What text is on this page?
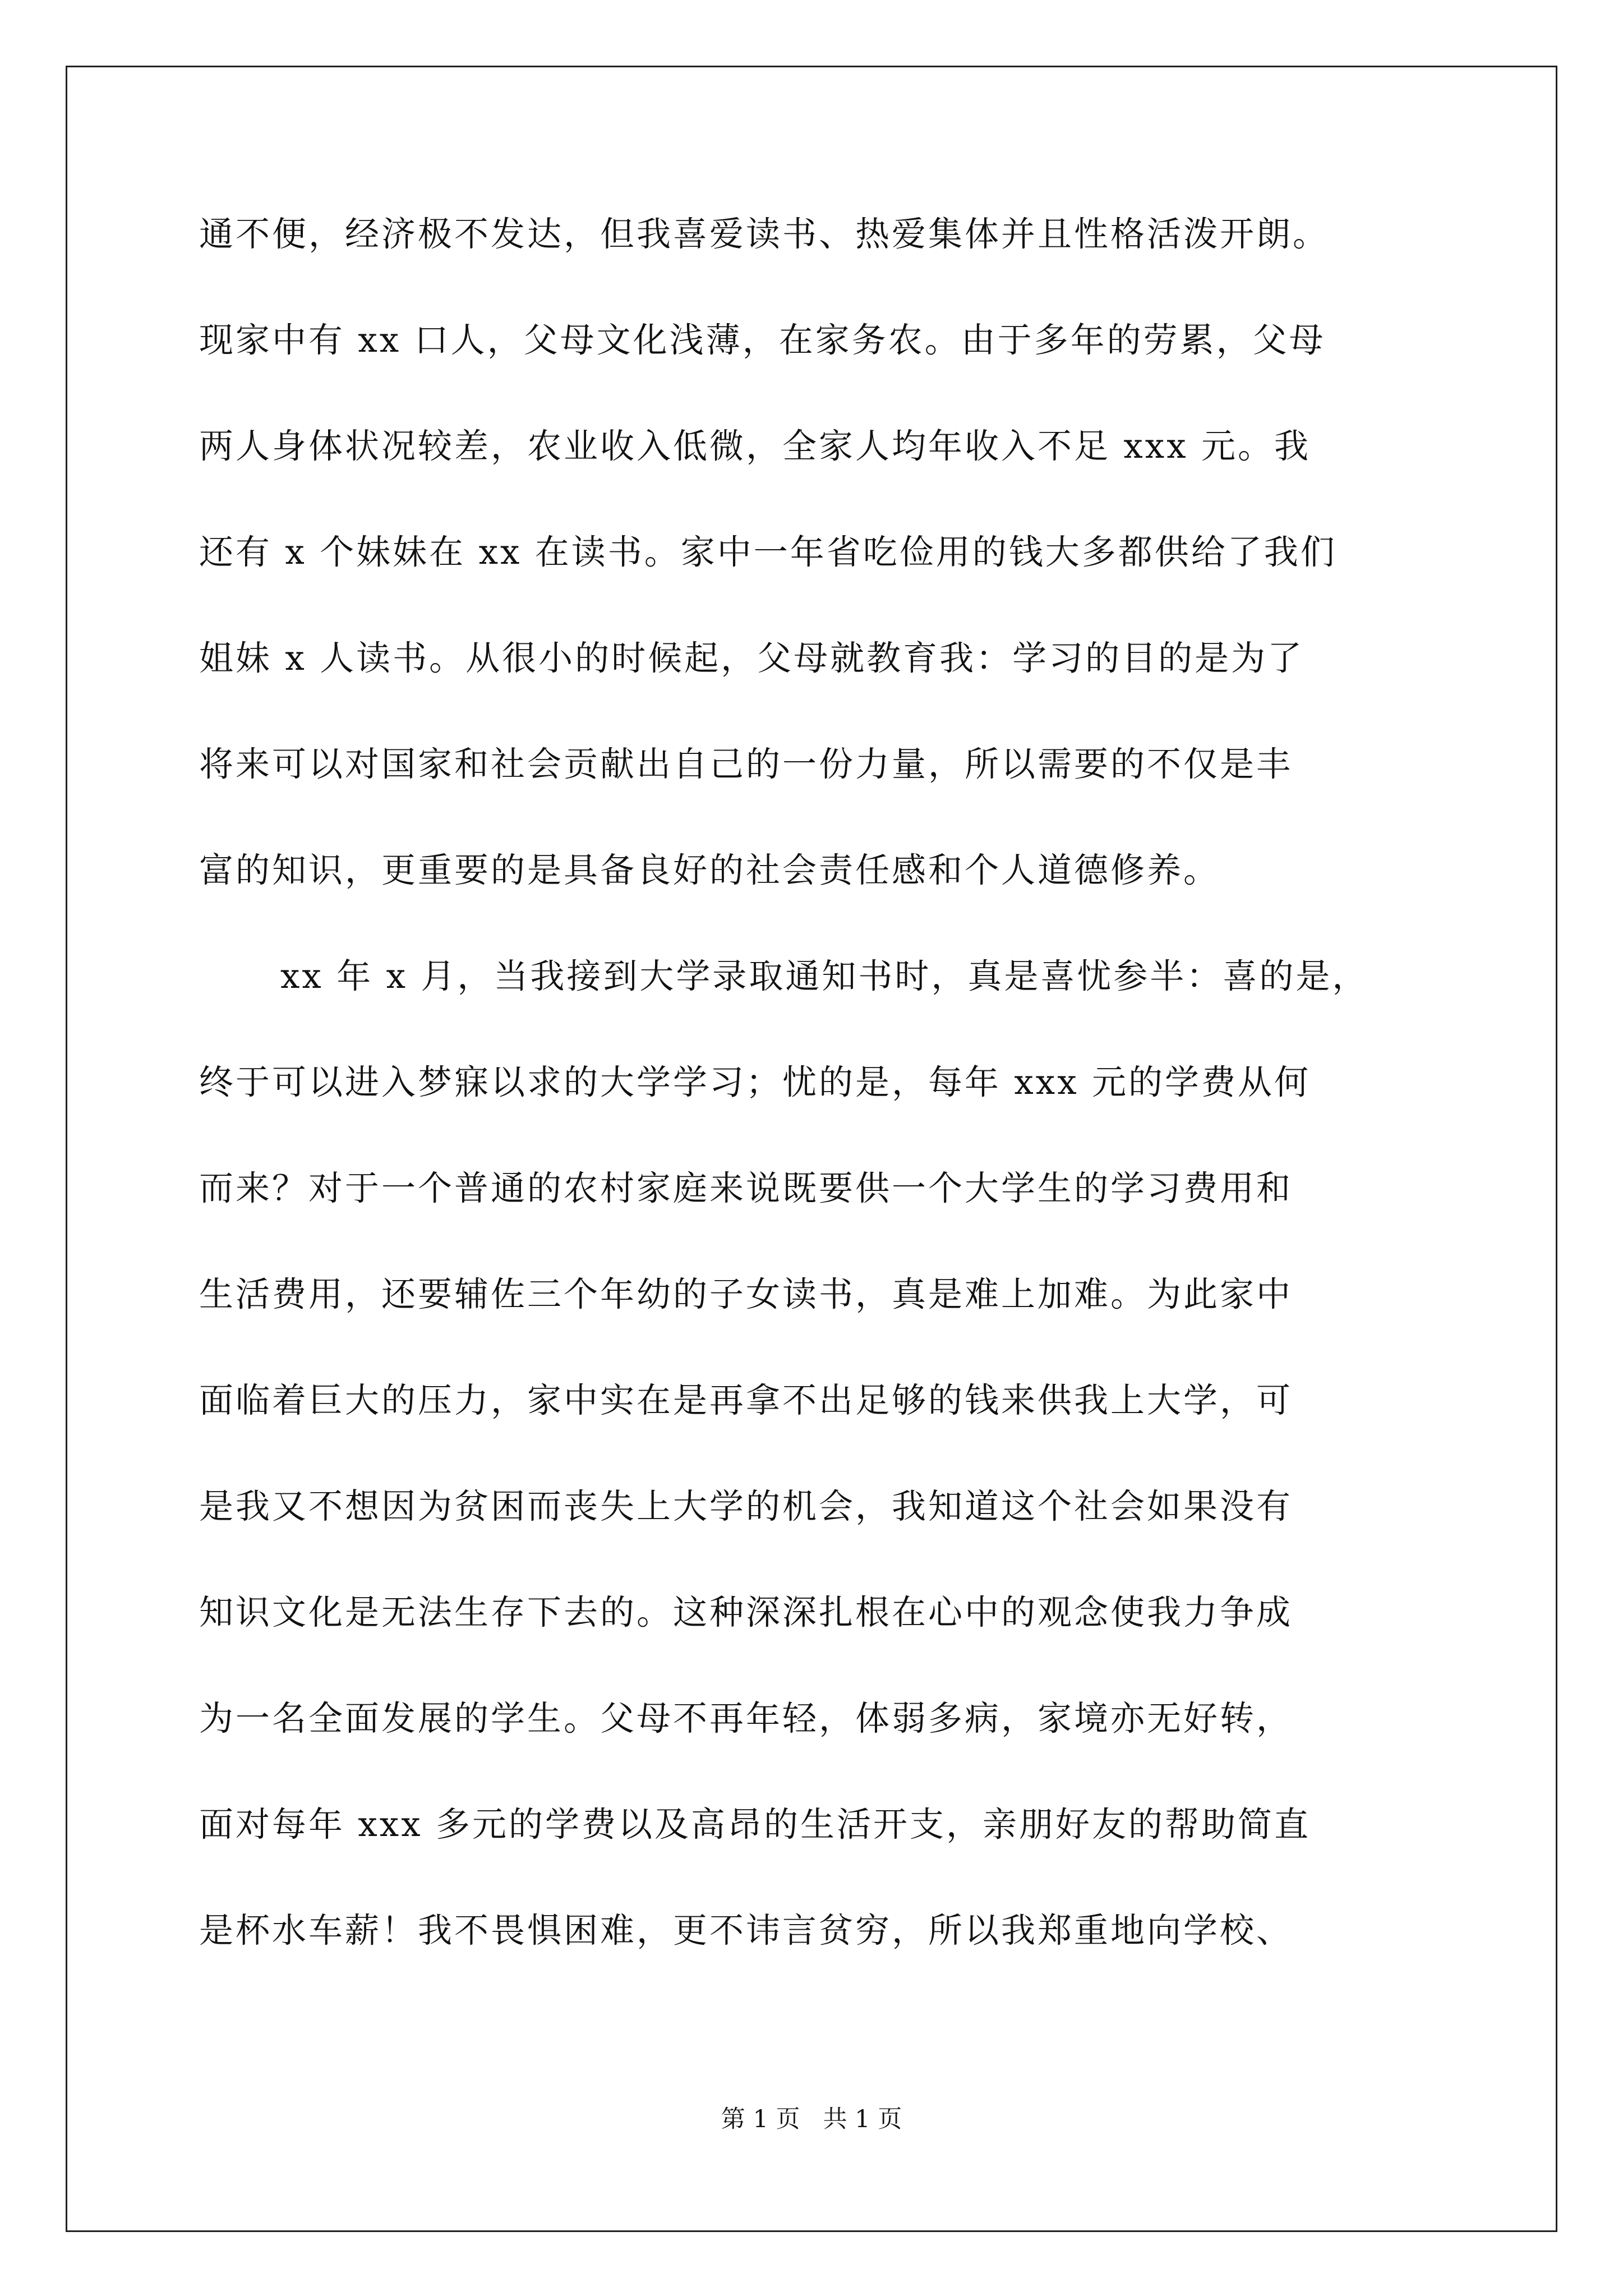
通不便，经济极不发达，但我喜爱读书、热爱集体并且性格活泼开朗。
现家中有 xx 口人，父母文化浅薄，在家务农。由于多年的劳累，父母
两人身体状况较差，农业收入低微，全家人均年收入不足 xxx 元。我
还有 x 个妹妹在 xx 在读书。家中一年省吃俭用的钱大多都供给了我们
姐妹 x 人读书。从很小的时候起，父母就教育我：学习的目的是为了
将来可以对国家和社会贡献出自己的一份力量，所以需要的不仅是丰
富的知识，更重要的是具备良好的社会责任感和个人道德修养。
xx 年 x 月，当我接到大学录取通知书时，真是喜忧参半：喜的是，
终于可以进入梦寐以求的大学学习；忧的是，每年 xxx 元的学费从何
而来？对于一个普通的农村家庭来说既要供一个大学生的学习费用和
生活费用，还要辅佐三个年幼的子女读书，真是难上加难。为此家中
面临着巨大的压力，家中实在是再拿不出足够的钱来供我上大学，可
是我又不想因为贫困而丧失上大学的机会，我知道这个社会如果没有
知识文化是无法生存下去的。这种深深扎根在心中的观念使我力争成
为一名全面发展的学生。父母不再年轻，体弱多病，家境亦无好转，
面对每年 xxx 多元的学费以及高昂的生活开支，亲朋好友的帮助简直
是杯水车薪！我不畏惧困难，更不讳言贫穷，所以我郑重地向学校、
第 1 页   共 1 页
